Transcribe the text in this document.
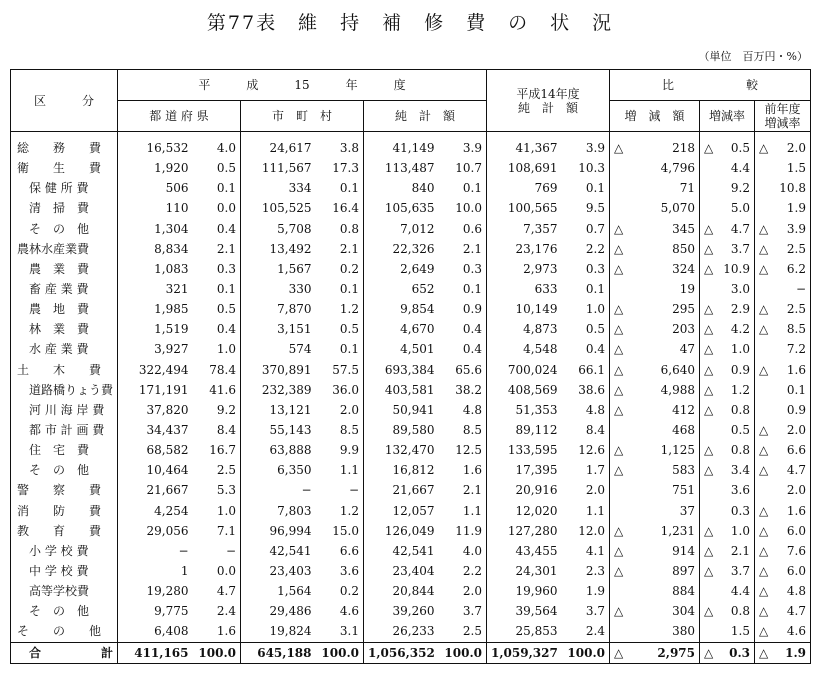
第77表　維　持　補　修　費　の　状　況
（単位　百万円・%）
区　　　分	平　　　成　　　15　　　年　　　度						平成14年度
純　計　額		比　　　　　　較		
	都 道 府 県		市　町　村		純　計　額				増　減　額	増減率	前年度
増減率

総　　務　　費	16,532	4.0	24,617	3.8	41,149	3.9	41,367	3.9	△ 218	△ 0.5	△ 2.0
衛　　生　　費	1,920	0.5	111,567	17.3	113,487	10.7	108,691	10.3	4,796	4.4	1.5
保 健 所 費	506	0.1	334	0.1	840	0.1	769	0.1	71	9.2	10.8
清　掃　費	110	0.0	105,525	16.4	105,635	10.0	100,565	9.5	5,070	5.0	1.9
そ　の　他	1,304	0.4	5,708	0.8	7,012	0.6	7,357	0.7	△ 345	△ 4.7	△ 3.9
農林水産業費	8,834	2.1	13,492	2.1	22,326	2.1	23,176	2.2	△ 850	△ 3.7	△ 2.5
農　業　費	1,083	0.3	1,567	0.2	2,649	0.3	2,973	0.3	△ 324	△ 10.9	△ 6.2
畜 産 業 費	321	0.1	330	0.1	652	0.1	633	0.1	19	3.0	−
農　地　費	1,985	0.5	7,870	1.2	9,854	0.9	10,149	1.0	△ 295	△ 2.9	△ 2.5
林　業　費	1,519	0.4	3,151	0.5	4,670	0.4	4,873	0.5	△ 203	△ 4.2	△ 8.5
水 産 業 費	3,927	1.0	574	0.1	4,501	0.4	4,548	0.4	△ 47	△ 1.0	7.2
土　　木　　費	322,494	78.4	370,891	57.5	693,384	65.6	700,024	66.1	△ 6,640	△ 0.9	△ 1.6
道路橋りょう費	171,191	41.6	232,389	36.0	403,581	38.2	408,569	38.6	△ 4,988	△ 1.2	0.1
河 川 海 岸 費	37,820	9.2	13,121	2.0	50,941	4.8	51,353	4.8	△ 412	△ 0.8	0.9
都 市 計 画 費	34,437	8.4	55,143	8.5	89,580	8.5	89,112	8.4	468	0.5	△ 2.0
住　宅　費	68,582	16.7	63,888	9.9	132,470	12.5	133,595	12.6	△ 1,125	△ 0.8	△ 6.6
そ　の　他	10,464	2.5	6,350	1.1	16,812	1.6	17,395	1.7	△ 583	△ 3.4	△ 4.7
警　　察　　費	21,667	5.3	−	−	21,667	2.1	20,916	2.0	751	3.6	2.0
消　　防　　費	4,254	1.0	7,803	1.2	12,057	1.1	12,020	1.1	37	0.3	△ 1.6
教　　育　　費	29,056	7.1	96,994	15.0	126,049	11.9	127,280	12.0	△ 1,231	△ 1.0	△ 6.0
小 学 校 費	−	−	42,541	6.6	42,541	4.0	43,455	4.1	△ 914	△ 2.1	△ 7.6
中 学 校 費	1	0.0	23,403	3.6	23,404	2.2	24,301	2.3	△ 897	△ 3.7	△ 6.0
高等学校費	19,280	4.7	1,564	0.2	20,844	2.0	19,960	1.9	884	4.4	△ 4.8
そ　の　他	9,775	2.4	29,486	4.6	39,260	3.7	39,564	3.7	△ 304	△ 0.8	△ 4.7
そ　　の　　他	6,408	1.6	19,824	3.1	26,233	2.5	25,853	2.4	380	1.5	△ 4.6
合　　　　　計	411,165	100.0	645,188	100.0	1,056,352	100.0	1,059,327	100.0	△ 2,975	△ 0.3	△ 1.9
